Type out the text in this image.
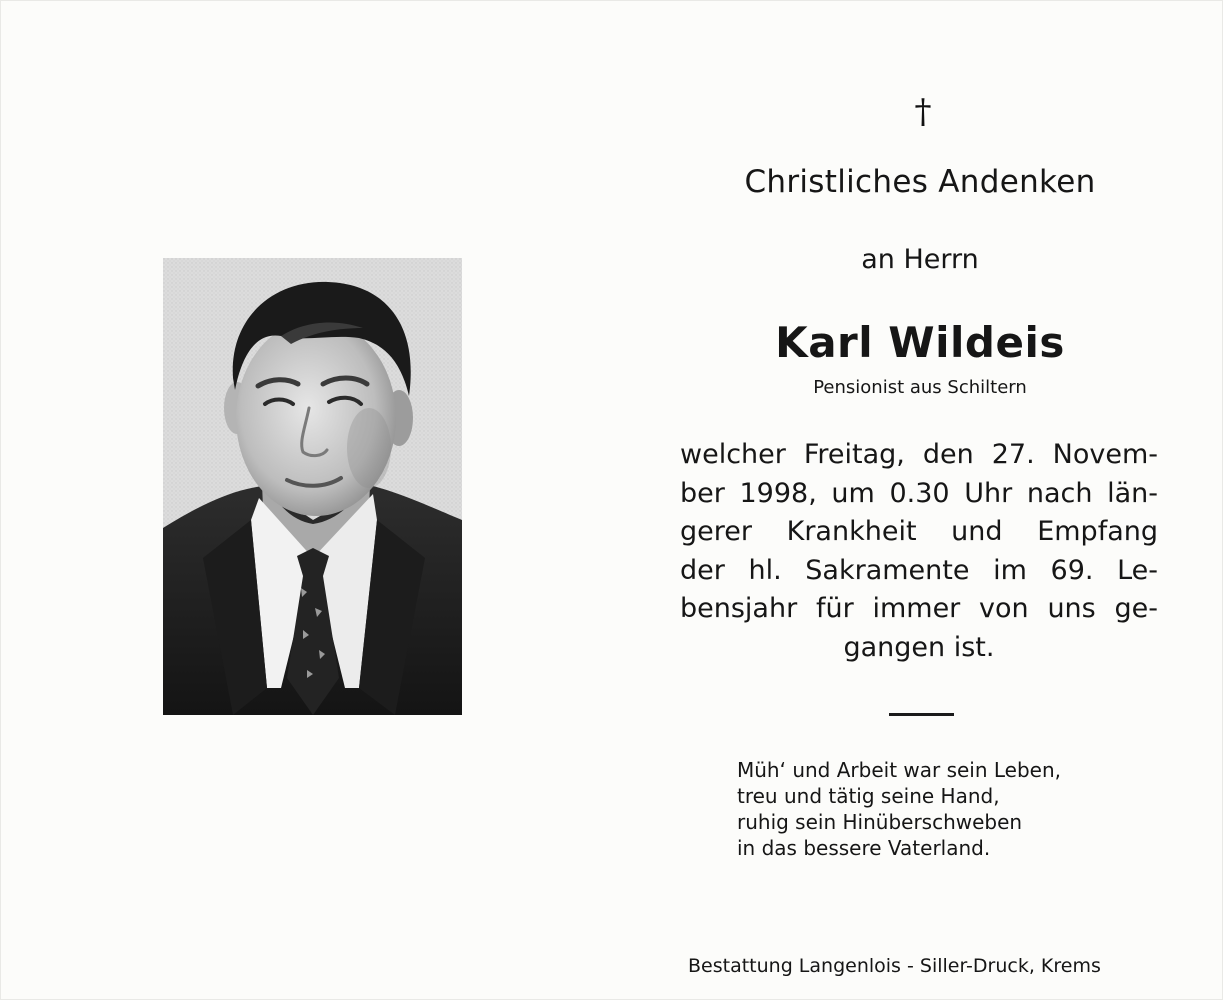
†
Christliches Andenken
an Herrn
Karl Wildeis
Pensionist aus Schiltern
welcher Freitag, den 27. Novem-
ber 1998, um 0.30 Uhr nach län-
gerer Krankheit und Empfang
der hl. Sakramente im 69. Le-
bensjahr für immer von uns ge-
gangen ist.
Müh‘ und Arbeit war sein Leben,
treu und tätig seine Hand,
ruhig sein Hinüberschweben
in das bessere Vaterland.
Bestattung Langenlois - Siller-Druck, Krems
